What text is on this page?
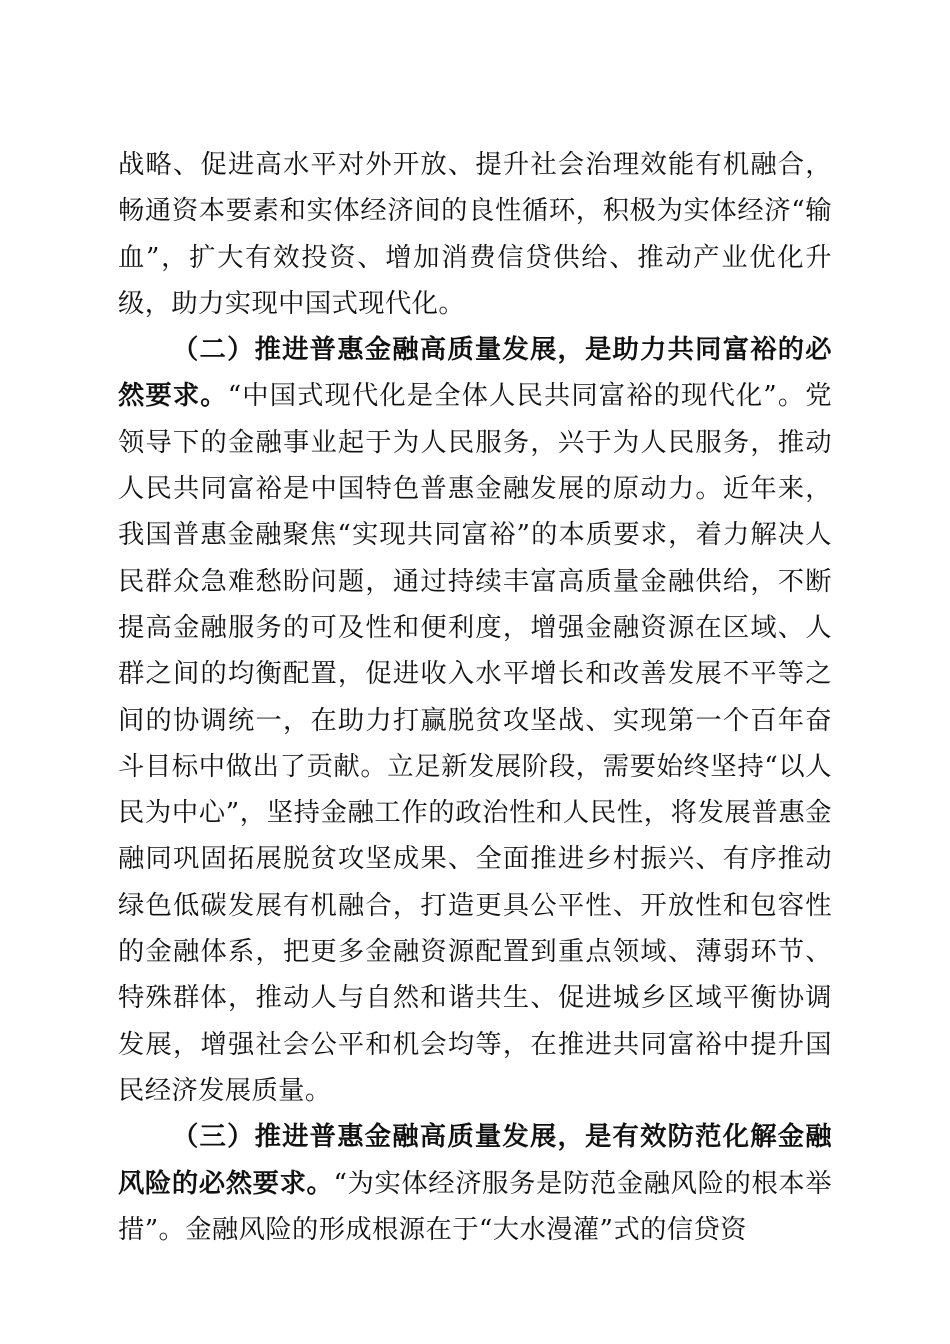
战略、促进高水平对外开放、提升社会治理效能有机融合，畅通资本要素和实体经济间的良性循环，积极为实体经济“输血”，扩大有效投资、增加消费信贷供给、推动产业优化升级，助力实现中国式现代化。

（二）推进普惠金融高质量发展，是助力共同富裕的必然要求。“中国式现代化是全体人民共同富裕的现代化”。党领导下的金融事业起于为人民服务，兴于为人民服务，推动人民共同富裕是中国特色普惠金融发展的原动力。近年来，我国普惠金融聚焦“实现共同富裕”的本质要求，着力解决人民群众急难愁盼问题，通过持续丰富高质量金融供给，不断提高金融服务的可及性和便利度，增强金融资源在区域、人群之间的均衡配置，促进收入水平增长和改善发展不平等之间的协调统一，在助力打赢脱贫攻坚战、实现第一个百年奋斗目标中做出了贡献。立足新发展阶段，需要始终坚持“以人民为中心”，坚持金融工作的政治性和人民性，将发展普惠金融同巩固拓展脱贫攻坚成果、全面推进乡村振兴、有序推动绿色低碳发展有机融合，打造更具公平性、开放性和包容性的金融体系，把更多金融资源配置到重点领域、薄弱环节、特殊群体，推动人与自然和谐共生、促进城乡区域平衡协调发展，增强社会公平和机会均等，在推进共同富裕中提升国民经济发展质量。

（三）推进普惠金融高质量发展，是有效防范化解金融风险的必然要求。“为实体经济服务是防范金融风险的根本举措”。金融风险的形成根源在于“大水漫灌”式的信贷资
